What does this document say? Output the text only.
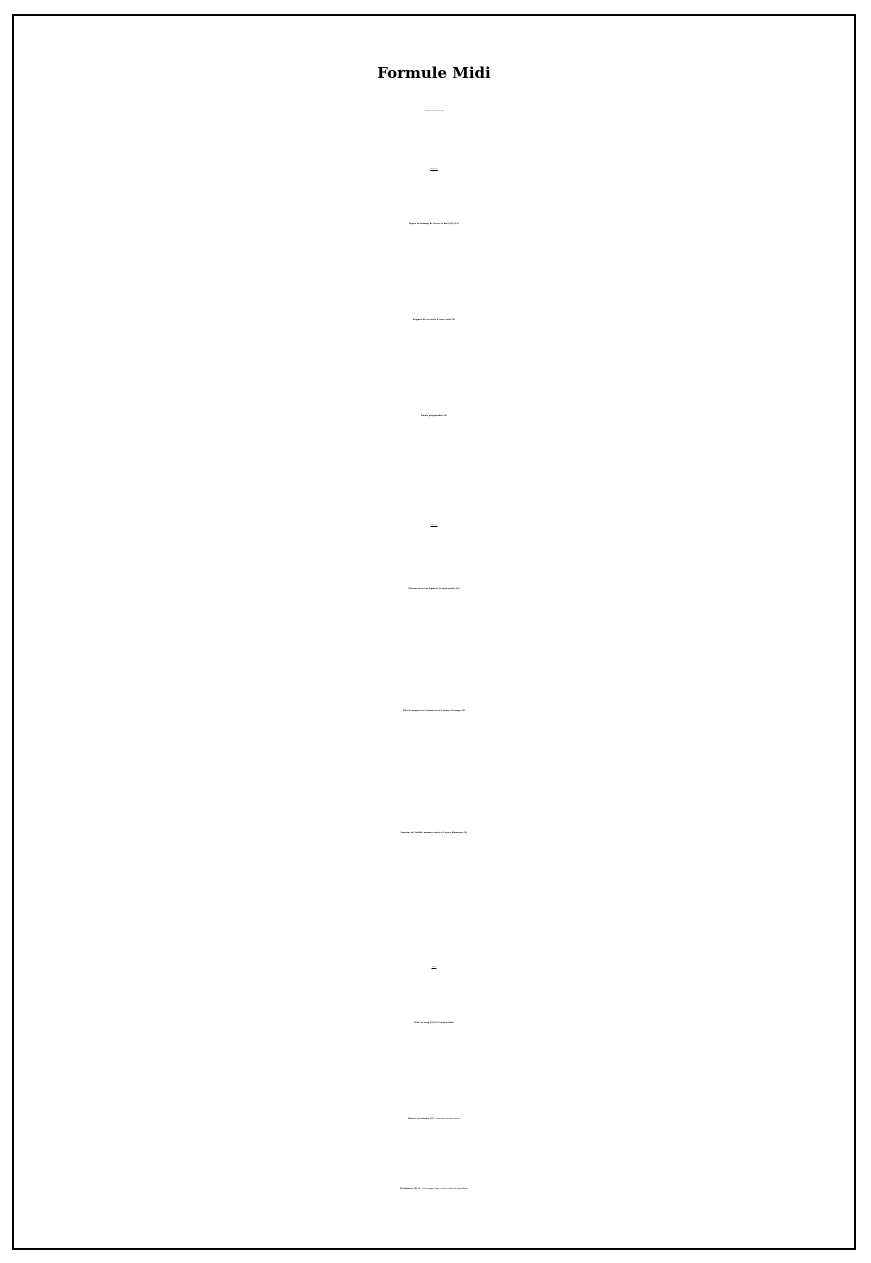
Formule Midi
2 courses £22.95 / 3 Courses £27.95
Entrées £8.95
Figues au fromage de chèvre et miel (GF) (N) (V)
Beignets de crevettes & sauce aïoli (GF)
Salade périgourdine (GF)
Plats £17,95
Poivron farcie aux légumes (Ve option available) (GF)
Filet de maquereau, haricots verts & beurre d’orange (GF)
Suprême de Volaille, pommes sautées & sauce dijonnaise (GF)
Desserts
Poire au sirop (GF) (N) (Ve option available)
Mousse au chocolat (GF) – Homemade chocolate mousse
Ile flottante (GF) (N) – Soft meringue cloud, custard, caramel & almond flakes
